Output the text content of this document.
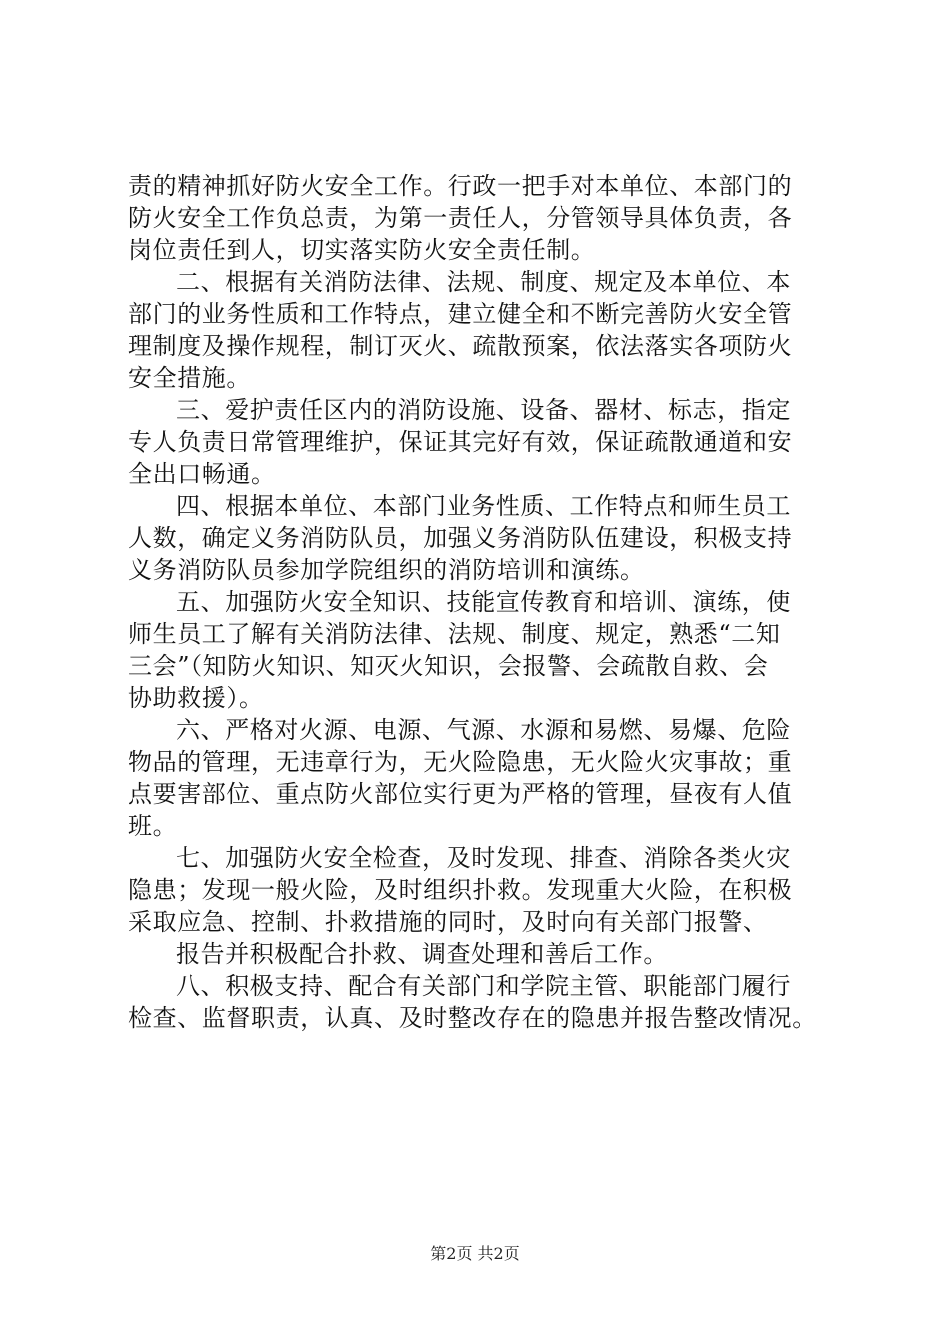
责的精神抓好防火安全工作。行政一把手对本单位、本部门的
防火安全工作负总责，为第一责任人，分管领导具体负责，各
岗位责任到人，切实落实防火安全责任制。
二、根据有关消防法律、法规、制度、规定及本单位、本
部门的业务性质和工作特点，建立健全和不断完善防火安全管
理制度及操作规程，制订灭火、疏散预案，依法落实各项防火
安全措施。
三、爱护责任区内的消防设施、设备、器材、标志，指定
专人负责日常管理维护，保证其完好有效，保证疏散通道和安
全出口畅通。
四、根据本单位、本部门业务性质、工作特点和师生员工
人数，确定义务消防队员，加强义务消防队伍建设，积极支持
义务消防队员参加学院组织的消防培训和演练。
五、加强防火安全知识、技能宣传教育和培训、演练，使
师生员工了解有关消防法律、法规、制度、规定，熟悉“二知
三会”（知防火知识、知灭火知识，会报警、会疏散自救、会
协助救援）。
六、严格对火源、电源、气源、水源和易燃、易爆、危险
物品的管理，无违章行为，无火险隐患，无火险火灾事故；重
点要害部位、重点防火部位实行更为严格的管理，昼夜有人值
班。
七、加强防火安全检查，及时发现、排查、消除各类火灾
隐患；发现一般火险，及时组织扑救。发现重大火险，在积极
采取应急、控制、扑救措施的同时，及时向有关部门报警、
报告并积极配合扑救、调查处理和善后工作。
八、积极支持、配合有关部门和学院主管、职能部门履行
检查、监督职责，认真、及时整改存在的隐患并报告整改情况。
第2页 共2页
